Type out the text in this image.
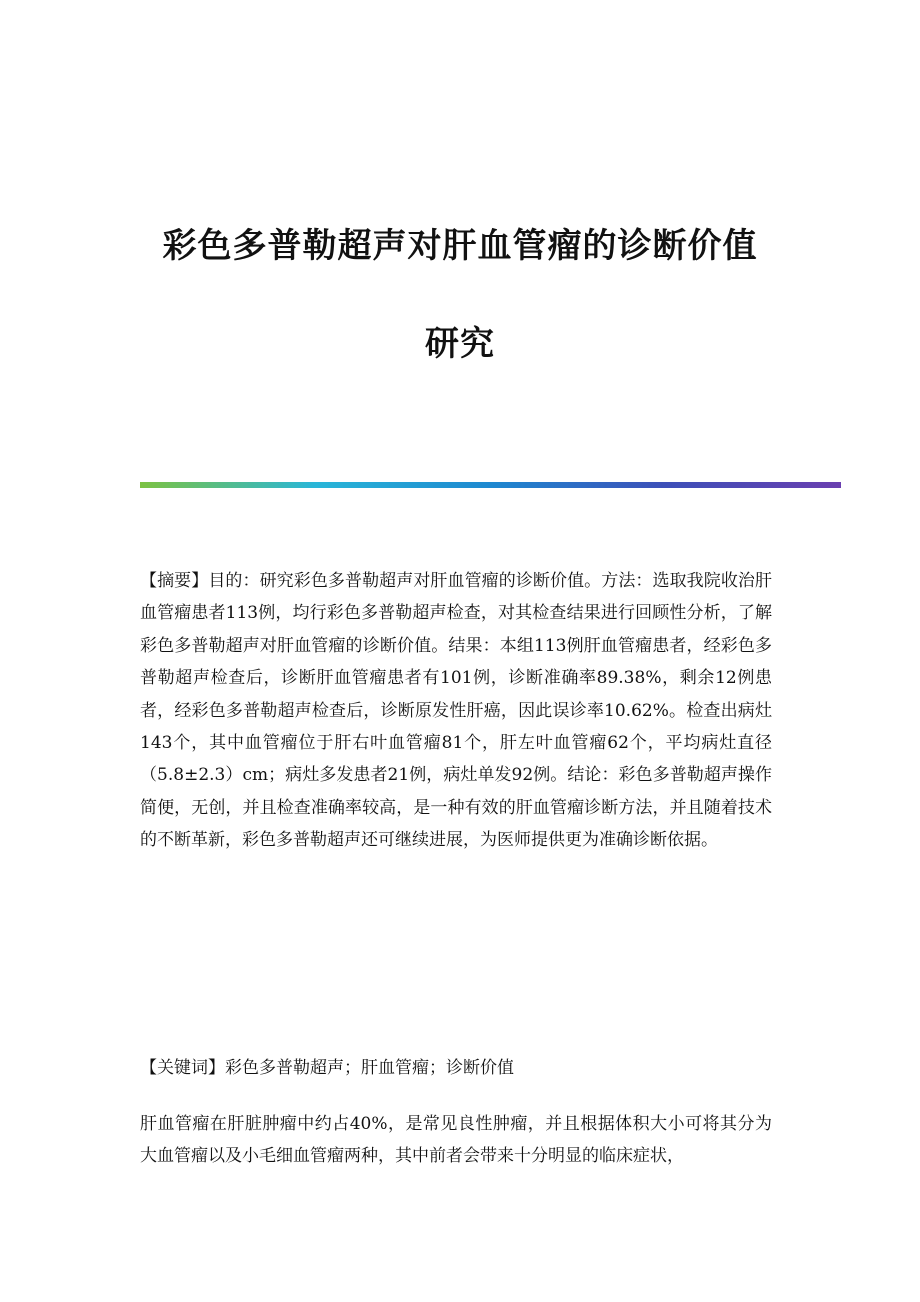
彩色多普勒超声对肝血管瘤的诊断价值
研究

【摘要】目的：研究彩色多普勒超声对肝血管瘤的诊断价值。方法：选取我院收治肝血管瘤患者113例，均行彩色多普勒超声检查，对其检查结果进行回顾性分析，了解彩色多普勒超声对肝血管瘤的诊断价值。结果：本组113例肝血管瘤患者，经彩色多普勒超声检查后，诊断肝血管瘤患者有101例，诊断准确率89.38%，剩余12例患者，经彩色多普勒超声检查后，诊断原发性肝癌，因此误诊率10.62%。检查出病灶143个，其中血管瘤位于肝右叶血管瘤81个，肝左叶血管瘤62个，平均病灶直径（5.8±2.3）cm；病灶多发患者21例，病灶单发92例。结论：彩色多普勒超声操作简便，无创，并且检查准确率较高，是一种有效的肝血管瘤诊断方法，并且随着技术的不断革新，彩色多普勒超声还可继续进展，为医师提供更为准确诊断依据。

【关键词】彩色多普勒超声；肝血管瘤；诊断价值

肝血管瘤在肝脏肿瘤中约占40%，是常见良性肿瘤，并且根据体积大小可将其分为大血管瘤以及小毛细血管瘤两种，其中前者会带来十分明显的临床症状，
